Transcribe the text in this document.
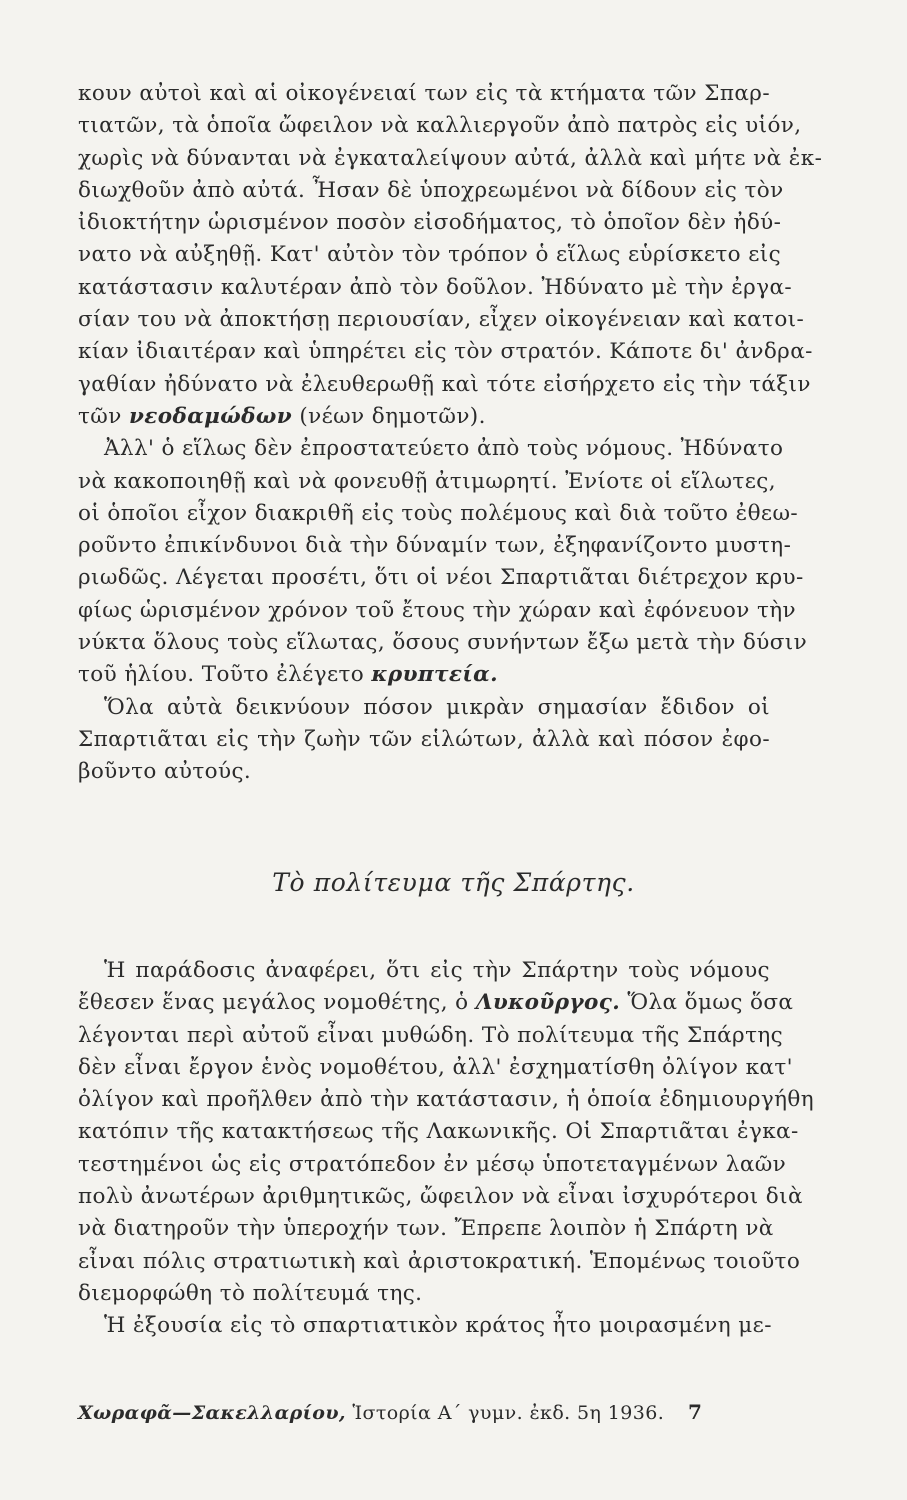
κουν αὐτοὶ καὶ αἱ οἰκογένειαί των εἰς τὰ κτήματα τῶν Σπαρ-
τιατῶν, τὰ ὁποῖα ὤφειλον νὰ καλλιεργοῦν ἀπὸ πατρὸς εἰς υἱόν,
χωρὶς νὰ δύνανται νὰ ἐγκαταλείψουν αὐτά, ἀλλὰ καὶ μήτε νὰ ἐκ-
διωχθοῦν ἀπὸ αὐτά. Ἦσαν δὲ ὑποχρεωμένοι νὰ δίδουν εἰς τὸν
ἰδιοκτήτην ὡρισμένον ποσὸν εἰσοδήματος, τὸ ὁποῖον δὲν ἠδύ-
νατο νὰ αὐξηθῇ. Κατ' αὐτὸν τὸν τρόπον ὁ εἵλως εὑρίσκετο εἰς
κατάστασιν καλυτέραν ἀπὸ τὸν δοῦλον. Ἠδύνατο μὲ τὴν ἐργα-
σίαν του νὰ ἀποκτήσῃ περιουσίαν, εἶχεν οἰκογένειαν καὶ κατοι-
κίαν ἰδιαιτέραν καὶ ὑπηρέτει εἰς τὸν στρατόν. Κάποτε δι' ἀνδρα-
γαθίαν ἠδύνατο νὰ ἐλευθερωθῇ καὶ τότε εἰσήρχετο εἰς τὴν τάξιν
τῶν νεοδαμώδων (νέων δημοτῶν).
Ἀλλ' ὁ εἵλως δὲν ἐπροστατεύετο ἀπὸ τοὺς νόμους. Ἠδύνατο
νὰ κακοποιηθῇ καὶ νὰ φονευθῇ ἀτιμωρητί. Ἐνίοτε οἱ εἵλωτες,
οἱ ὁποῖοι εἶχον διακριθῆ εἰς τοὺς πολέμους καὶ διὰ τοῦτο ἐθεω-
ροῦντο ἐπικίνδυνοι διὰ τὴν δύναμίν των, ἐξηφανίζοντο μυστη-
ριωδῶς. Λέγεται προσέτι, ὅτι οἱ νέοι Σπαρτιᾶται διέτρεχον κρυ-
φίως ὡρισμένον χρόνον τοῦ ἔτους τὴν χώραν καὶ ἐφόνευον τὴν
νύκτα ὅλους τοὺς εἵλωτας, ὅσους συνήντων ἔξω μετὰ τὴν δύσιν
τοῦ ἡλίου. Τοῦτο ἐλέγετο κρυπτεία.
Ὅλα αὐτὰ δεικνύουν πόσον μικρὰν σημασίαν ἔδιδον οἱ
Σπαρτιᾶται εἰς τὴν ζωὴν τῶν εἱλώτων, ἀλλὰ καὶ πόσον ἐφο-
βοῦντο αὐτούς.
Τὸ πολίτευμα τῆς Σπάρτης.
Ἡ παράδοσις ἀναφέρει, ὅτι εἰς τὴν Σπάρτην τοὺς νόμους
ἔθεσεν ἕνας μεγάλος νομοθέτης, ὁ Λυκοῦργος. Ὅλα ὅμως ὅσα
λέγονται περὶ αὐτοῦ εἶναι μυθώδη. Τὸ πολίτευμα τῆς Σπάρτης
δὲν εἶναι ἔργον ἑνὸς νομοθέτου, ἀλλ' ἐσχηματίσθη ὀλίγον κατ'
ὀλίγον καὶ προῆλθεν ἀπὸ τὴν κατάστασιν, ἡ ὁποία ἐδημιουργήθη
κατόπιν τῆς κατακτήσεως τῆς Λακωνικῆς. Οἱ Σπαρτιᾶται ἐγκα-
τεστημένοι ὡς εἰς στρατόπεδον ἐν μέσῳ ὑποτεταγμένων λαῶν
πολὺ ἀνωτέρων ἀριθμητικῶς, ὤφειλον νὰ εἶναι ἰσχυρότεροι διὰ
νὰ διατηροῦν τὴν ὑπεροχήν των. Ἔπρεπε λοιπὸν ἡ Σπάρτη νὰ
εἶναι πόλις στρατιωτικὴ καὶ ἀριστοκρατική. Ἑπομένως τοιοῦτο
διεμορφώθη τὸ πολίτευμά της.
Ἡ ἐξουσία εἰς τὸ σπαρτιατικὸν κράτος ἦτο μοιρασμένη με-
Χωραφᾶ—Σακελλαρίου, Ἱστορία Α΄ γυμν. ἐκδ. 5η 1936.	7
